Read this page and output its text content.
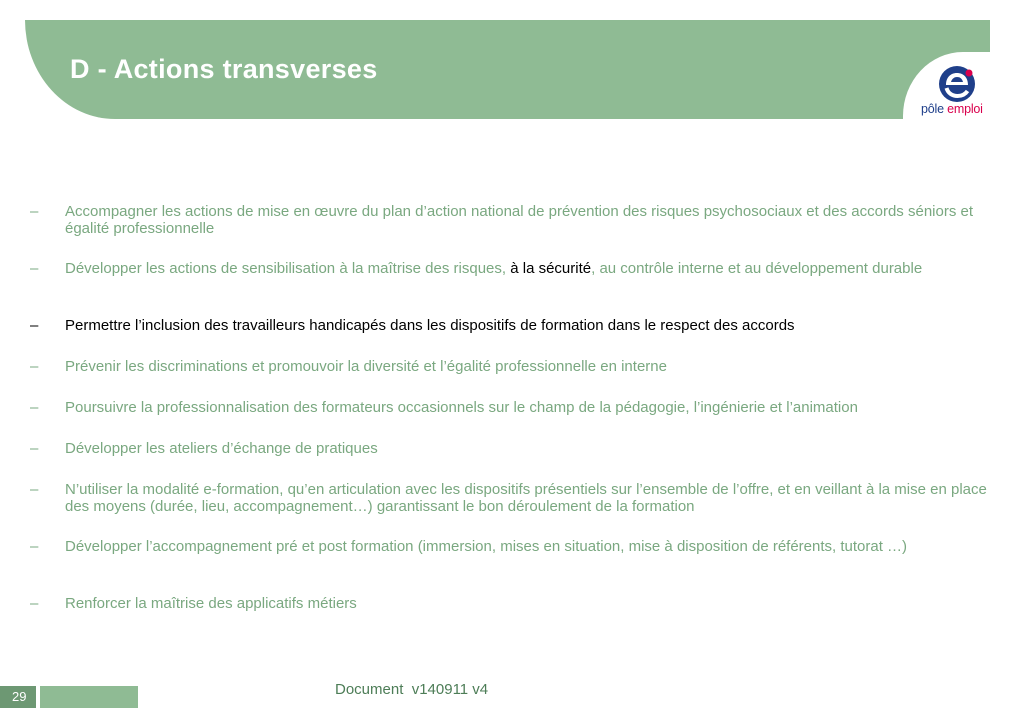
D - Actions transverses
pôle emploi
–	Accompagner les actions de mise en œuvre du plan d’action national de prévention des risques psychosociaux et des accords séniors et égalité professionnelle
–	Développer les actions de sensibilisation à la maîtrise des risques, à la sécurité, au contrôle interne et au développement durable
–	Permettre l’inclusion des travailleurs handicapés dans les dispositifs de formation dans le respect des accords
–	Prévenir les discriminations et promouvoir la diversité et l’égalité professionnelle en interne
–	Poursuivre la professionnalisation des formateurs occasionnels sur le champ de la pédagogie, l’ingénierie et l’animation
–	Développer les ateliers d’échange de pratiques
–	N’utiliser la modalité e-formation, qu’en articulation avec les dispositifs présentiels sur l’ensemble de l’offre, et en veillant à la mise en place des moyens (durée, lieu, accompagnement…) garantissant le bon déroulement de la formation
–	Développer l’accompagnement pré et post formation (immersion, mises en situation, mise à disposition de référents, tutorat …)
–	Renforcer la maîtrise des applicatifs métiers
29	Document  v140911 v4
